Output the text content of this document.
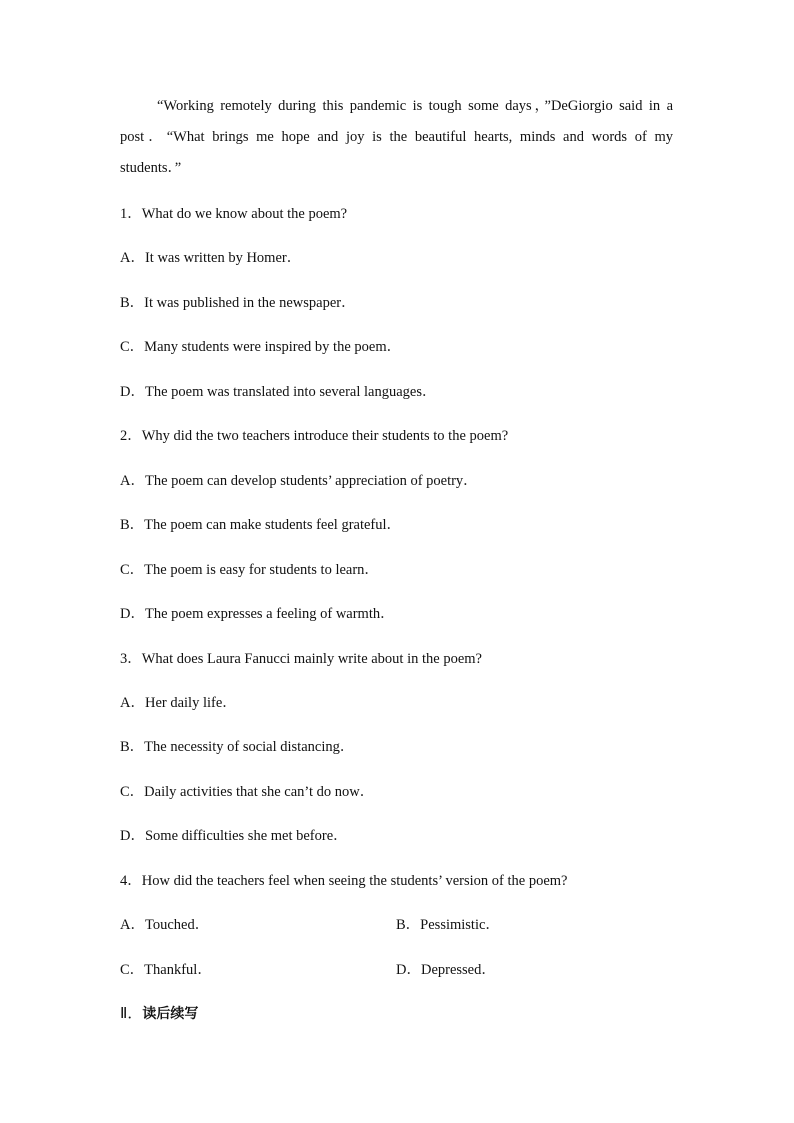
“Working remotely during this pandemic is tough some days，”DeGiorgio said in a post．“What brings me hope and joy is the beautiful hearts, minds and words of my students．”

1．What do we know about the poem?
A．It was written by Homer．
B．It was published in the newspaper．
C．Many students were inspired by the poem．
D．The poem was translated into several languages．
2．Why did the two teachers introduce their students to the poem?
A．The poem can develop students’ appreciation of poetry．
B．The poem can make students feel grateful．
C．The poem is easy for students to learn．
D．The poem expresses a feeling of warmth．
3．What does Laura Fanucci mainly write about in the poem?
A．Her daily life．
B．The necessity of social distancing．
C．Daily activities that she can’t do now．
D．Some difficulties she met before．
4．How did the teachers feel when seeing the students’ version of the poem?
A．Touched．	B．Pessimistic．
C．Thankful．	D．Depressed．
Ⅱ．读后续写
